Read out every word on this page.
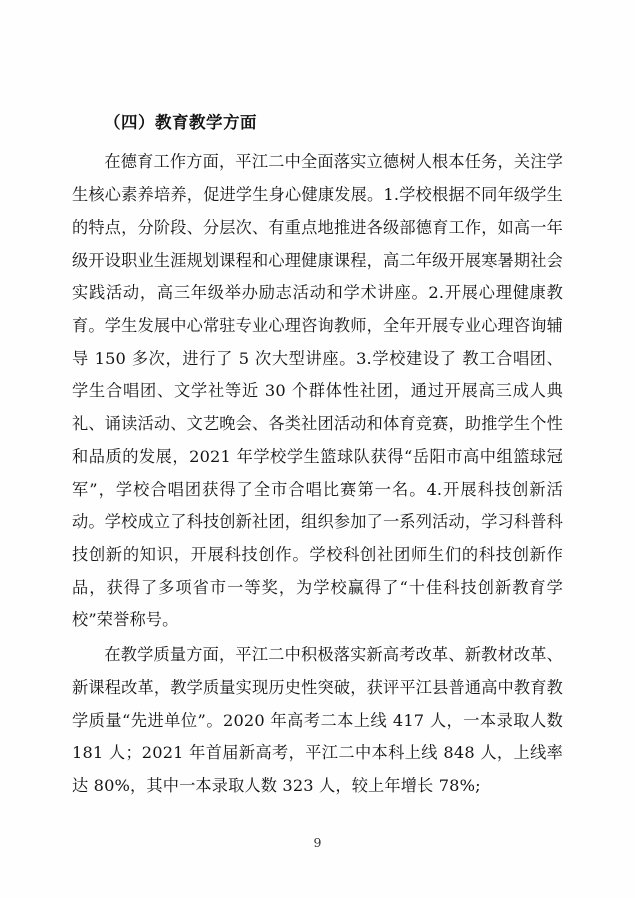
（四）教育教学方面

在德育工作方面，平江二中全面落实立德树人根本任务，关注学生核心素养培养，促进学生身心健康发展。1.学校根据不同年级学生的特点，分阶段、分层次、有重点地推进各级部德育工作，如高一年级开设职业生涯规划课程和心理健康课程，高二年级开展寒暑期社会实践活动，高三年级举办励志活动和学术讲座。2.开展心理健康教育。学生发展中心常驻专业心理咨询教师，全年开展专业心理咨询辅导 150 多次，进行了 5 次大型讲座。3.学校建设了 教工合唱团、学生合唱团、文学社等近 30 个群体性社团，通过开展高三成人典礼、诵读活动、文艺晚会、各类社团活动和体育竞赛，助推学生个性和品质的发展，2021 年学校学生篮球队获得“岳阳市高中组篮球冠军”，学校合唱团获得了全市合唱比赛第一名。4.开展科技创新活动。学校成立了科技创新社团，组织参加了一系列活动，学习科普科技创新的知识，开展科技创作。学校科创社团师生们的科技创新作品，获得了多项省市一等奖，为学校赢得了“十佳科技创新教育学校”荣誉称号。

在教学质量方面，平江二中积极落实新高考改革、新教材改革、新课程改革，教学质量实现历史性突破，获评平江县普通高中教育教学质量“先进单位”。2020 年高考二本上线 417 人，一本录取人数 181 人；2021 年首届新高考，平江二中本科上线 848 人，上线率达 80%，其中一本录取人数 323 人，较上年增长 78%;

9
